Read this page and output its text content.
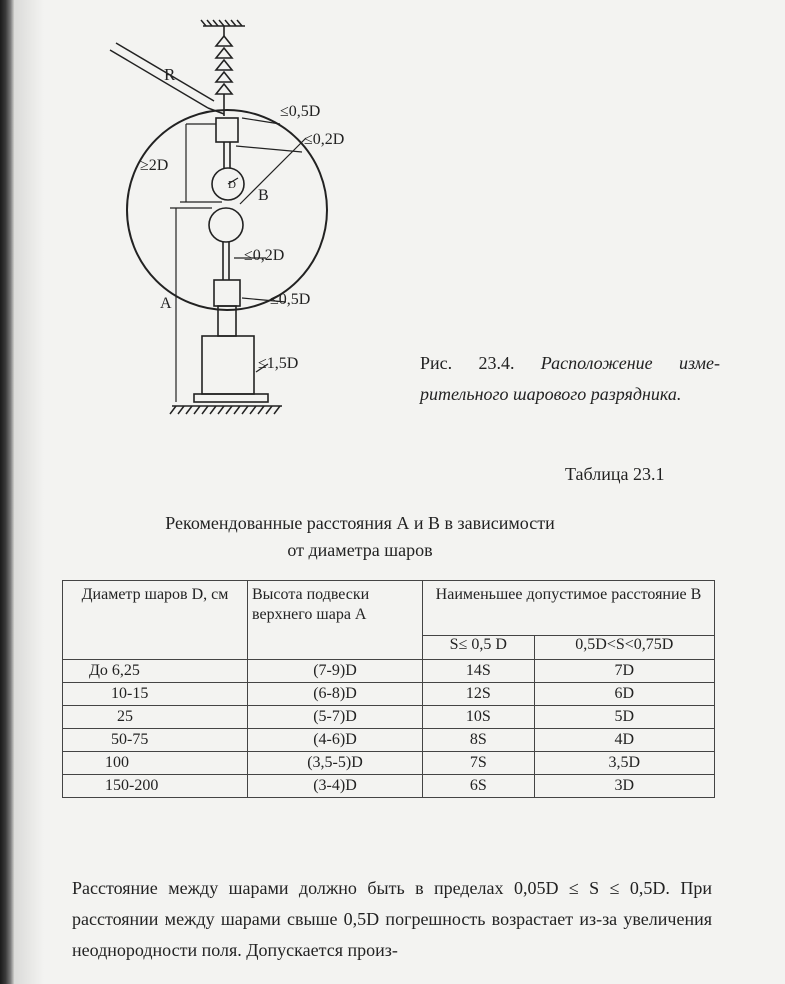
R
≤0,5D
≤0,2D
≥2D
B
D
≤0,2D
A	≤0,5D
≤1,5D	Рис. 23.4. Расположение изме-рительного шарового разрядника.
Таблица 23.1
Рекомендованные расстояния А и В в зависимости
от диаметра шаров
Диаметр шаров D, см	Высота подвески верхнего шара A	Наименьшее допустимое расстояние B	
		S≤ 0,5 D	0,5D<S<0,75D
До 6,25	(7-9)D	14S	7D
10-15	(6-8)D	12S	6D
25	(5-7)D	10S	5D
50-75	(4-6)D	8S	4D
100	(3,5-5)D	7S	3,5D
150-200	(3-4)D	6S	3D
Расстояние между шарами должно быть в пределах 0,05D ≤ S ≤ 0,5D. При расстоянии между шарами свыше 0,5D погрешность возрастает из-за увеличения неоднородности поля. Допускается произ-
